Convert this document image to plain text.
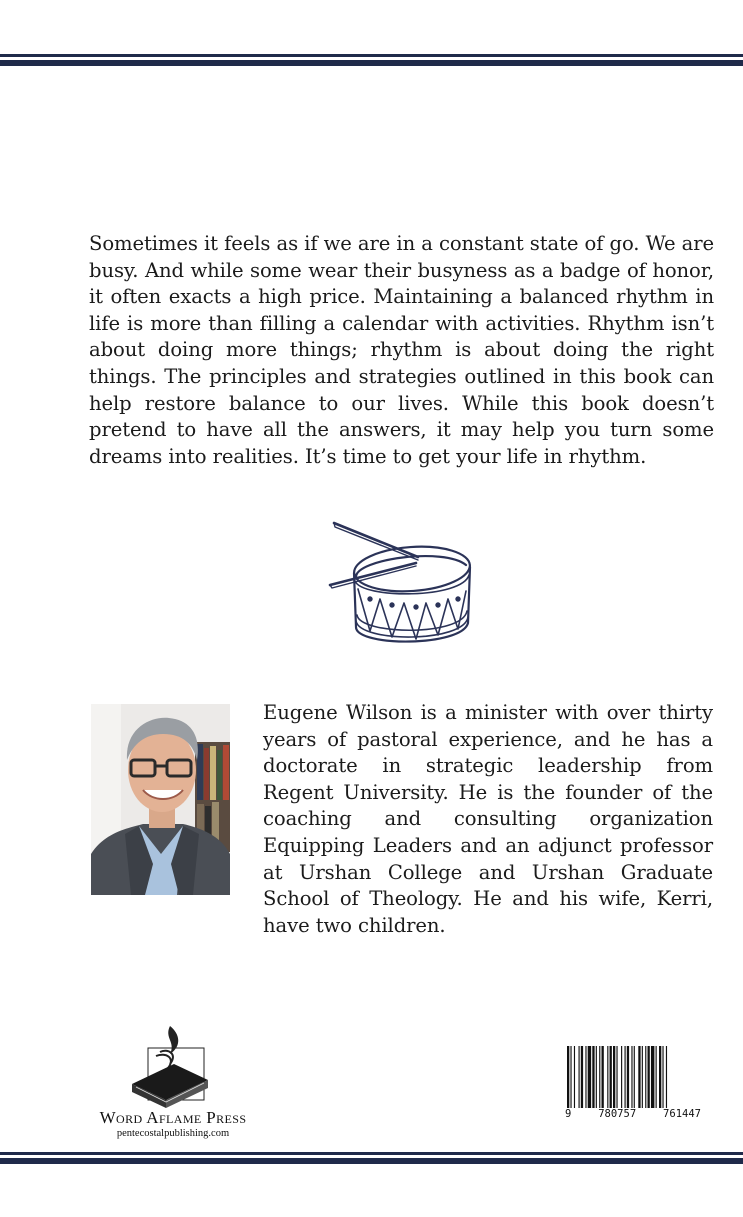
Sometimes it feels as if we are in a constant state of go. We are busy. And while some wear their busyness as a badge of honor, it often exacts a high price. Maintaining a balanced rhythm in life is more than filling a calendar with activities. Rhythm isn’t about doing more things; rhythm is about doing the right things. The principles and strategies outlined in this book can help restore balance to our lives. While this book doesn’t pretend to have all the answers, it may help you turn some dreams into realities. It’s time to get your life in rhythm.
Eugene Wilson is a minister with over thirty years of pastoral experience, and he has a doctorate in strategic leadership from Regent University. He is the founder of the coaching and consulting organization Equipping Leaders and an adjunct professor at Urshan College and Urshan Graduate School of Theology. He and his wife, Kerri, have two children.
Word Aflame Press
pentecostalpublishing.com
9	780757	761447
